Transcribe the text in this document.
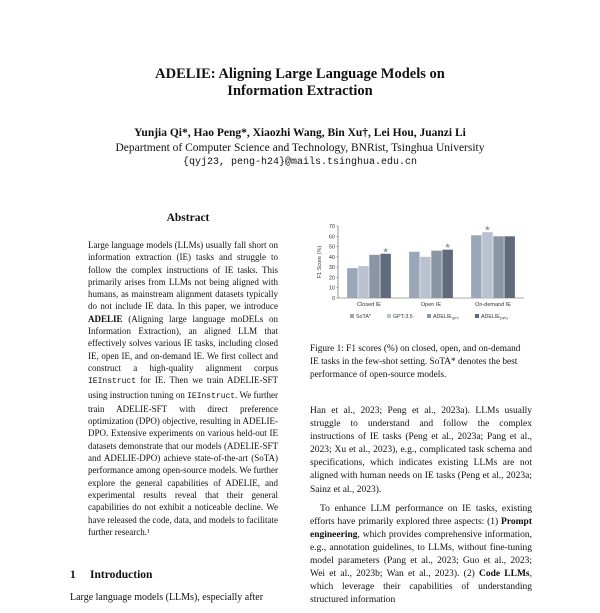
ADELIE: Aligning Large Language Models on
Information Extraction
Yunjia Qi*, Hao Peng*, Xiaozhi Wang, Bin Xu†, Lei Hou, Juanzi Li
Department of Computer Science and Technology, BNRist, Tsinghua University
{qyj23, peng-h24}@mails.tsinghua.edu.cn
Abstract

Large language models (LLMs) usually fall short on information extraction (IE) tasks and struggle to follow the complex instructions of IE tasks. This primarily arises from LLMs not being aligned with humans, as mainstream alignment datasets typically do not include IE data. In this paper, we introduce ADELIE (Aligning large language moDELs on Information Extraction), an aligned LLM that effectively solves various IE tasks, including closed IE, open IE, and on-demand IE. We first collect and construct a high-quality alignment corpus IEInstruct for IE. Then we train ADELIE-SFT using instruction tuning on IEInstruct. We further train ADELIE-SFT with direct preference optimization (DPO) objective, resulting in ADELIE-DPO. Extensive experiments on various held-out IE datasets demonstrate that our models (ADELIE-SFT and ADELIE-DPO) achieve state-of-the-art (SoTA) performance among open-source models. We further explore the general capabilities of ADELIE, and experimental results reveal that their general capabilities do not exhibit a noticeable decline. We have released the code, data, and models to facilitate further research.¹

1 Introduction
Large language models (LLMs), especially after
0
10
20
30
40
50
60
70
F1 Score (%)	★
Closed IE
★
Open IE
★
On-demand IE
SoTA*	GPT-3.5	$ADELIE_{SFT}$	$ADELIE_{DPO}$
Figure 1: F1 scores (%) on closed, open, and on-demand IE tasks in the few-shot setting. SoTA* denotes the best performance of open-source models.

Han et al., 2023; Peng et al., 2023a). LLMs usually struggle to understand and follow the complex instructions of IE tasks (Peng et al., 2023a; Pang et al., 2023; Xu et al., 2023), e.g., complicated task schema and specifications, which indicates existing LLMs are not aligned with human needs on IE tasks (Peng et al., 2023a; Sainz et al., 2023).

To enhance LLM performance on IE tasks, existing efforts have primarily explored three aspects: (1) Prompt engineering, which provides comprehensive information, e.g., annotation guidelines, to LLMs, without fine-tuning model parameters (Pang et al., 2023; Guo et al., 2023; Wei et al., 2023b; Wan et al., 2023). (2) Code LLMs, which leverage their capabilities of understanding structured information
